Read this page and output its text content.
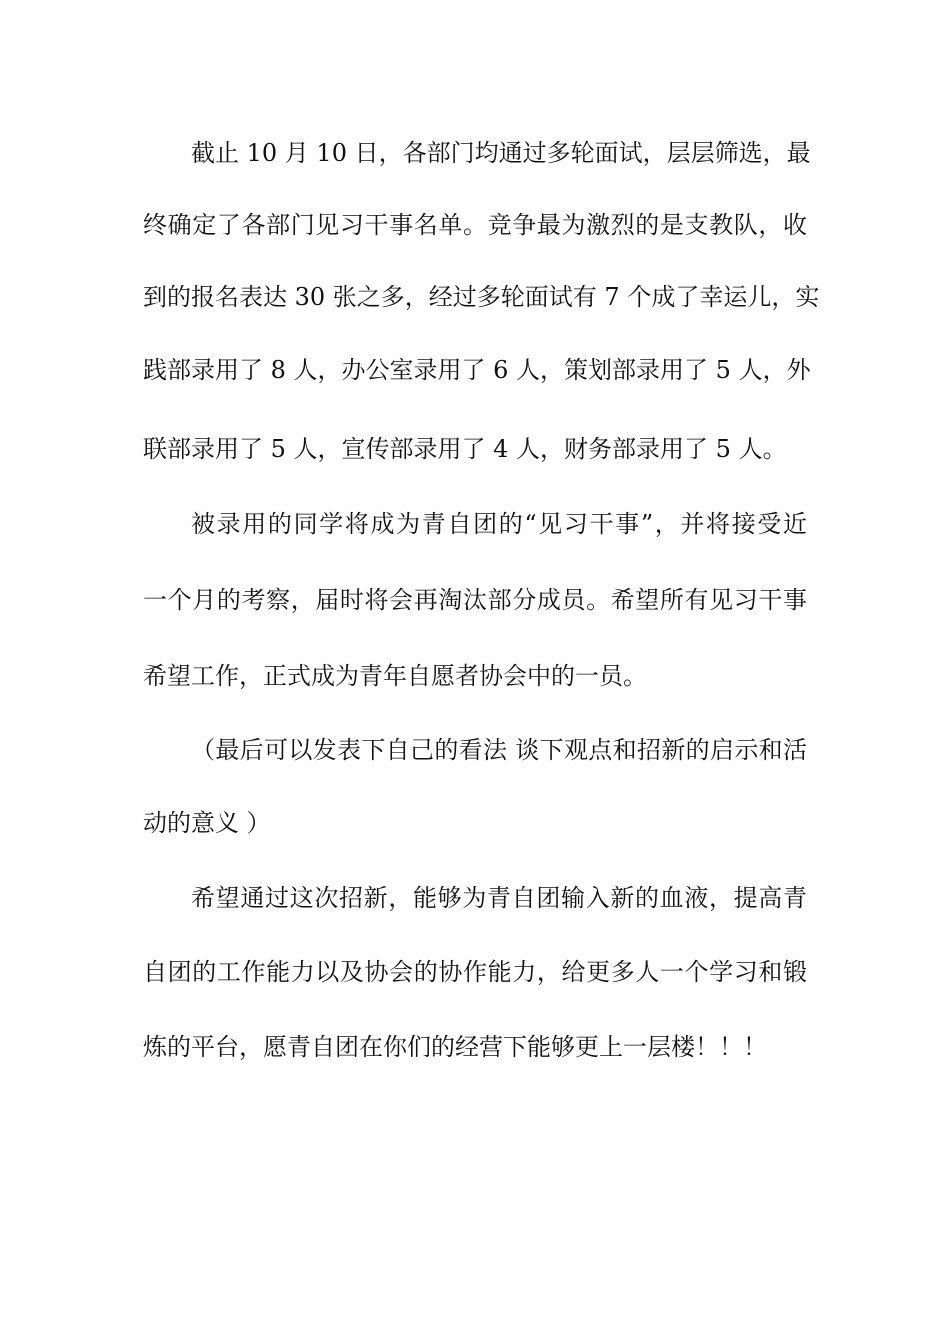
截止 10 月 10 日，各部门均通过多轮面试，层层筛选，最
终确定了各部门见习干事名单。竞争最为激烈的是支教队，收
到的报名表达 30 张之多，经过多轮面试有 7 个成了幸运儿，实
践部录用了 8 人，办公室录用了 6 人，策划部录用了 5 人，外
联部录用了 5 人，宣传部录用了 4 人，财务部录用了 5 人。
被录用的同学将成为青自团的“见习干事”，并将接受近
一个月的考察，届时将会再淘汰部分成员。希望所有见习干事
希望工作，正式成为青年自愿者协会中的一员。
（最后可以发表下自己的看法 谈下观点和招新的启示和活
动的意义 ）
希望通过这次招新，能够为青自团输入新的血液，提高青
自团的工作能力以及协会的协作能力，给更多人一个学习和锻
炼的平台，愿青自团在你们的经营下能够更上一层楼！！！
